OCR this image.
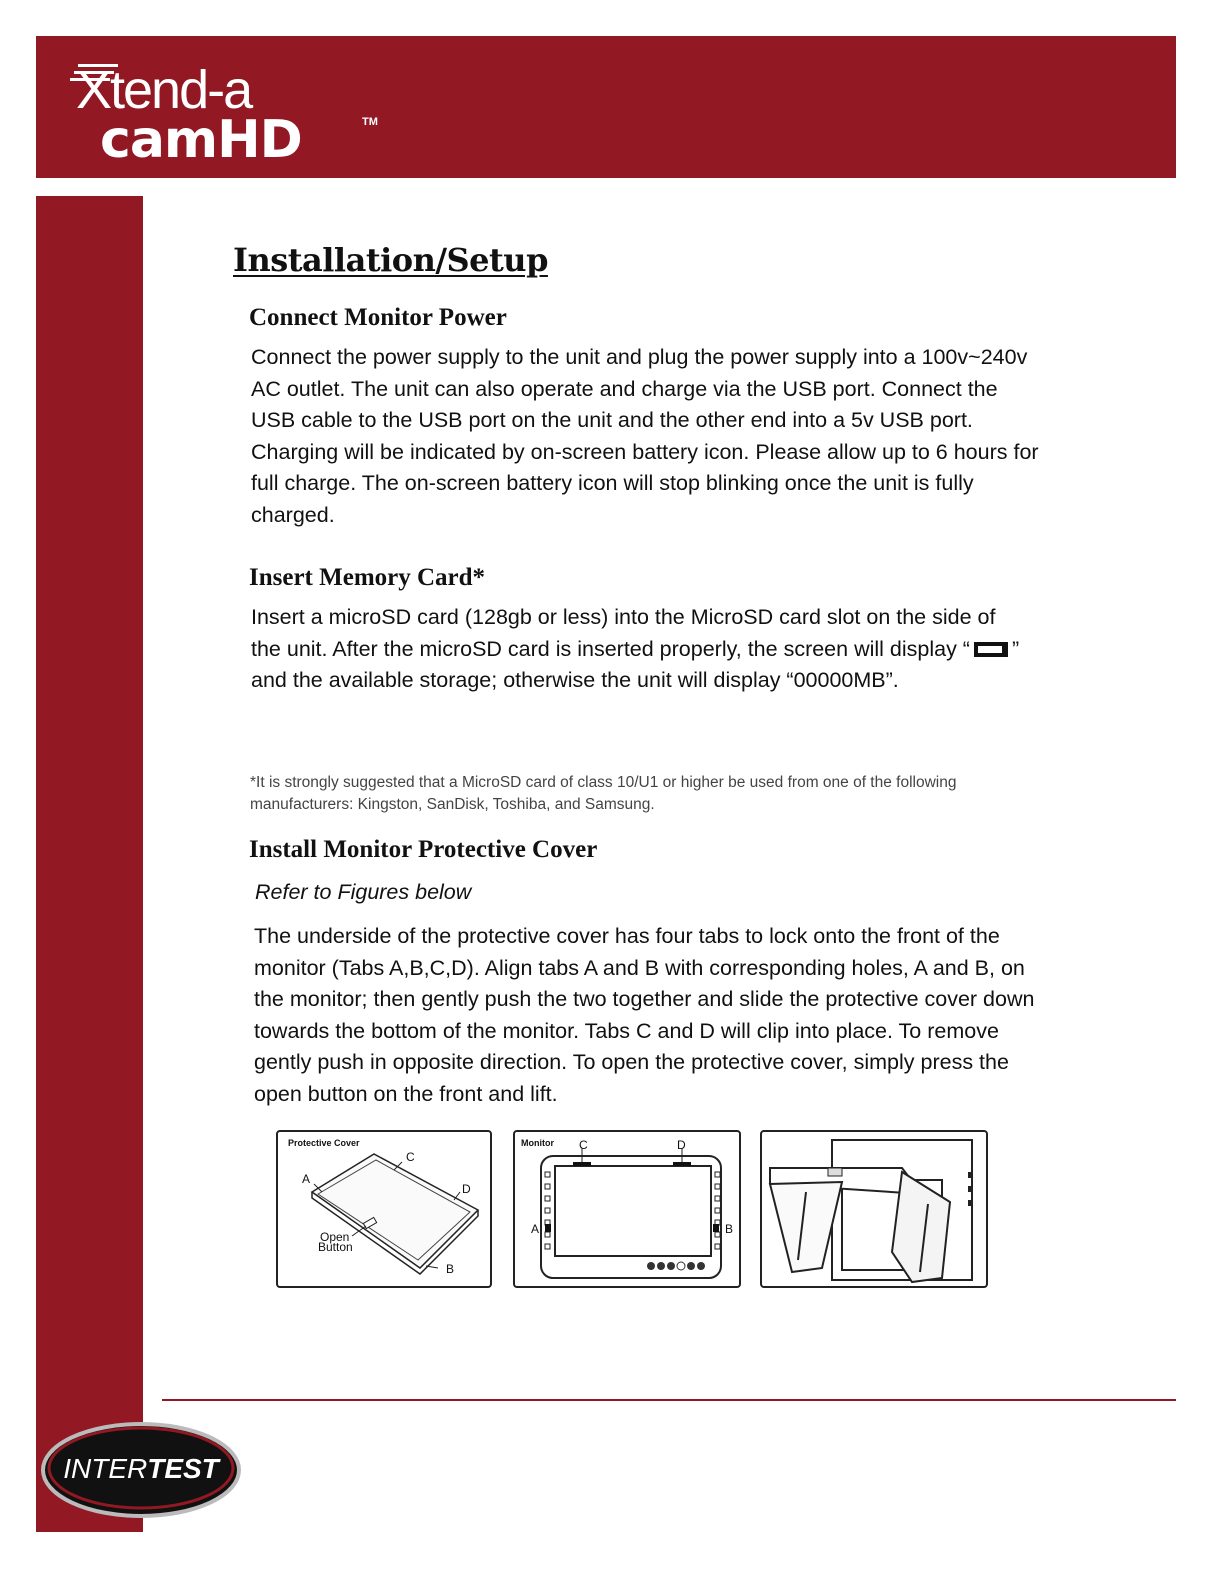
Xtend-a
camHD	TM
Installation/Setup
Connect Monitor Power

Connect the power supply to the unit and plug the power supply into a 100v~240v AC outlet. The unit can also operate and charge via the USB port. Connect the USB cable to the USB port on the unit and the other end into a 5v USB port. Charging will be indicated by on-screen battery icon. Please allow up to 6 hours for full charge. The on-screen battery icon will stop blinking once the unit is fully charged.

Insert Memory Card*

Insert a microSD card (128gb or less) into the MicroSD card slot on the side of the unit. After the microSD card is inserted properly, the screen will display “ ” and the available storage; otherwise the unit will display “00000MB”.

*It is strongly suggested that a MicroSD card of class 10/U1 or higher be used from one of the following manufacturers: Kingston, SanDisk, Toshiba, and Samsung.

Install Monitor Protective Cover

Refer to Figures below

The underside of the protective cover has four tabs to lock onto the front of the monitor (Tabs A,B,C,D). Align tabs A and B with corresponding holes, A and B, on the monitor; then gently push the two together and slide the protective cover down towards the bottom of the monitor. Tabs C and D will clip into place. To remove gently push in opposite direction. To open the protective cover, simply press the open button on the front and lift.

Protective Cover
A
B
C
D
Open
Button
Monitor
A	B
C	D
INTERTEST
